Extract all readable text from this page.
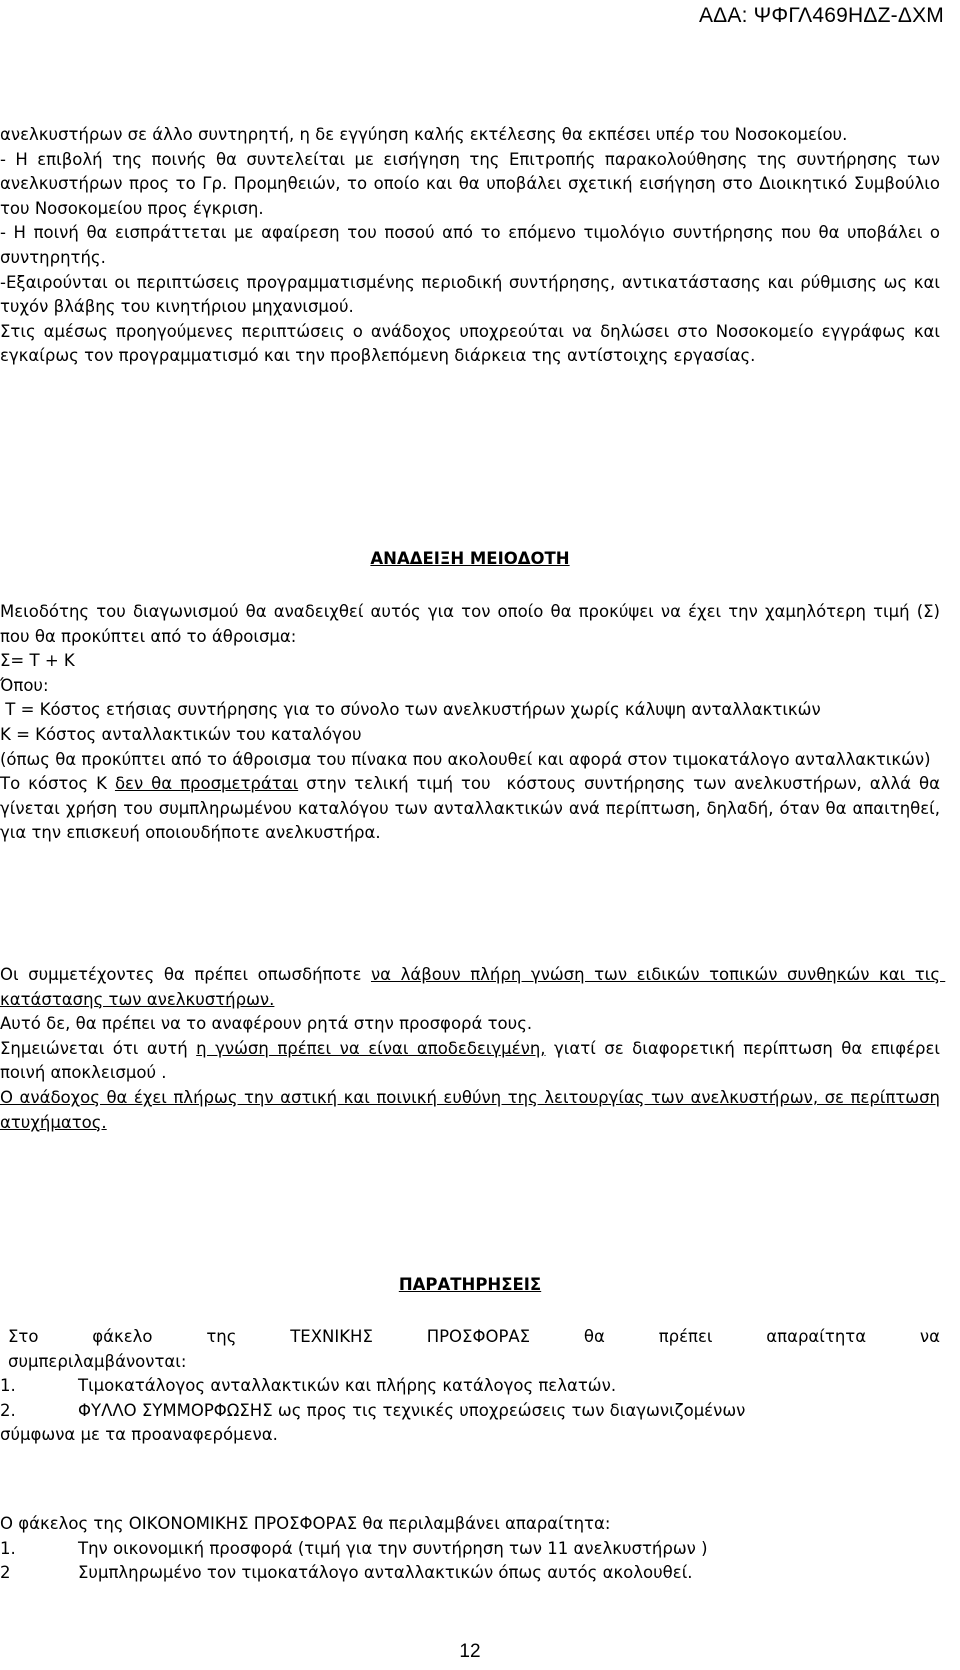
ΑΔΑ: ΨΦΓΛ469ΗΔΖ-ΔΧΜ

ανελκυστήρων σε άλλο συντηρητή, η δε εγγύηση καλής εκτέλεσης θα εκπέσει υπέρ του Νοσοκομείου.

- Η επιβολή της ποινής θα συντελείται με εισήγηση της Επιτροπής παρακολούθησης της συντήρησης των ανελκυστήρων προς το Γρ. Προμηθειών, το οποίο και θα υποβάλει σχετική εισήγηση στο Διοικητικό Συμβούλιο του Νοσοκομείου προς έγκριση.

- Η ποινή θα εισπράττεται με αφαίρεση του ποσού από το επόμενο τιμολόγιο συντήρησης που θα υποβάλει ο συντηρητής.

-Εξαιρούνται οι περιπτώσεις προγραμματισμένης περιοδική συντήρησης, αντικατάστασης και ρύθμισης ως και τυχόν βλάβης του κινητήριου μηχανισμού.

Στις αμέσως προηγούμενες περιπτώσεις ο ανάδοχος υποχρεούται να δηλώσει στο Νοσοκομείο εγγράφως και εγκαίρως τον προγραμματισμό και την προβλεπόμενη διάρκεια της αντίστοιχης εργασίας.

ΑΝΑΔΕΙΞΗ ΜΕΙΟΔΟΤΗ

Μειοδότης του διαγωνισμού θα αναδειχθεί αυτός για τον οποίο θα προκύψει να έχει την χαμηλότερη τιμή (Σ) που θα προκύπτει από το άθροισμα:

Σ= Τ + Κ

Όπου:

Τ = Κόστος ετήσιας συντήρησης για το σύνολο των ανελκυστήρων χωρίς κάλυψη ανταλλακτικών

Κ = Κόστος ανταλλακτικών του καταλόγου

(όπως θα προκύπτει από το άθροισμα του πίνακα που ακολουθεί και αφορά στον τιμοκατάλογο ανταλλακτικών)

Το κόστος Κ δεν θα προσμετράται στην τελική τιμή του  κόστους συντήρησης των ανελκυστήρων, αλλά θα γίνεται χρήση του συμπληρωμένου καταλόγου των ανταλλακτικών ανά περίπτωση, δηλαδή, όταν θα απαιτηθεί, για την επισκευή οποιουδήποτε ανελκυστήρα.

Οι συμμετέχοντες θα πρέπει οπωσδήποτε να λάβουν πλήρη γνώση των ειδικών τοπικών συνθηκών και τις κατάστασης των ανελκυστήρων.

Αυτό δε, θα πρέπει να το αναφέρουν ρητά στην προσφορά τους.

Σημειώνεται ότι αυτή η γνώση πρέπει να είναι αποδεδειγμένη, γιατί σε διαφορετική περίπτωση θα επιφέρει ποινή αποκλεισμού .

Ο ανάδοχος θα έχει πλήρως την αστική και ποινική ευθύνη της λειτουργίας των ανελκυστήρων, σε περίπτωση ατυχήματος.

ΠΑΡΑΤΗΡΗΣΕΙΣ

Στο φάκελο της ΤΕΧΝΙΚΗΣ ΠΡΟΣΦΟΡΑΣ θα πρέπει απαραίτητα να

συμπεριλαμβάνονται:

1.	Τιμοκατάλογος ανταλλακτικών και πλήρης κατάλογος πελατών.
2.	ΦΥΛΛΟ ΣΥΜΜΟΡΦΩΣΗΣ ως προς τις τεχνικές υποχρεώσεις των διαγωνιζομένων

σύμφωνα με τα προαναφερόμενα.

Ο φάκελος της ΟΙΚΟΝΟΜΙΚΗΣ ΠΡΟΣΦΟΡΑΣ θα περιλαμβάνει απαραίτητα:

1.	Την οικονομική προσφορά (τιμή για την συντήρηση των 11 ανελκυστήρων )
2	Συμπληρωμένο τον τιμοκατάλογο ανταλλακτικών όπως αυτός ακολουθεί.
12
